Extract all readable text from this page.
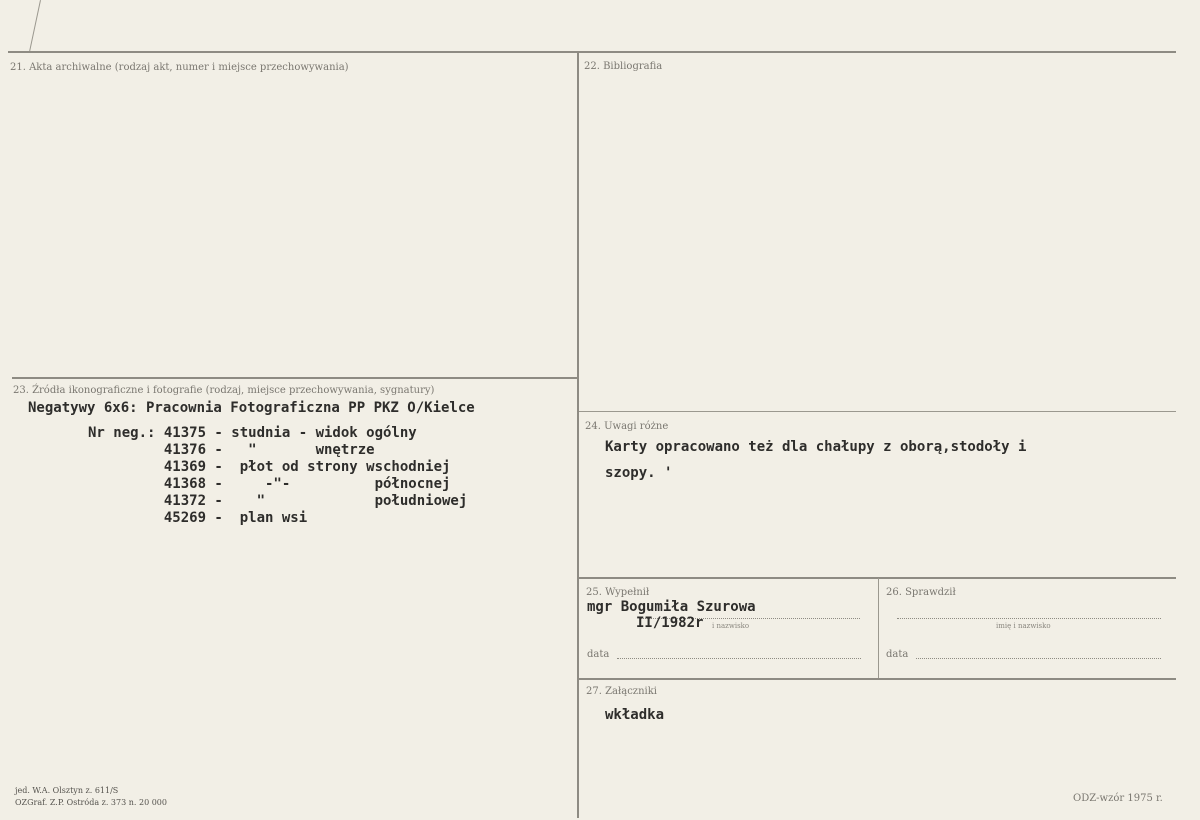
21. Akta archiwalne (rodzaj akt, numer i miejsce przechowywania)	22. Bibliografia
23. Źródła ikonograficzne i fotografie (rodzaj, miejsce przechowywania, sygnatury)
24. Uwagi różne
25. Wypełnił	26. Sprawdził
27. Załączniki
Negatywy 6x6: Pracownia Fotograficzna PP PKZ O/Kielce
Nr neg.: 41375 - studnia - widok ogólny
41376 -   "       wnętrze
41369 -  płot od strony wschodniej
41368 -     -"-          północnej
41372 -    "             południowej
45269 -  plan wsi
Karty opracowano też dla chałupy z oborą,stodoły i
szopy. '
mgr Bogumiła Szurowa
II/1982r i nazwisko
data
imię i nazwisko
data
wkładka
jed. W.A. Olsztyn z. 611/S
OZGraf. Z.P. Ostróda z. 373 n. 20 000	ODZ-wzór 1975 r.
